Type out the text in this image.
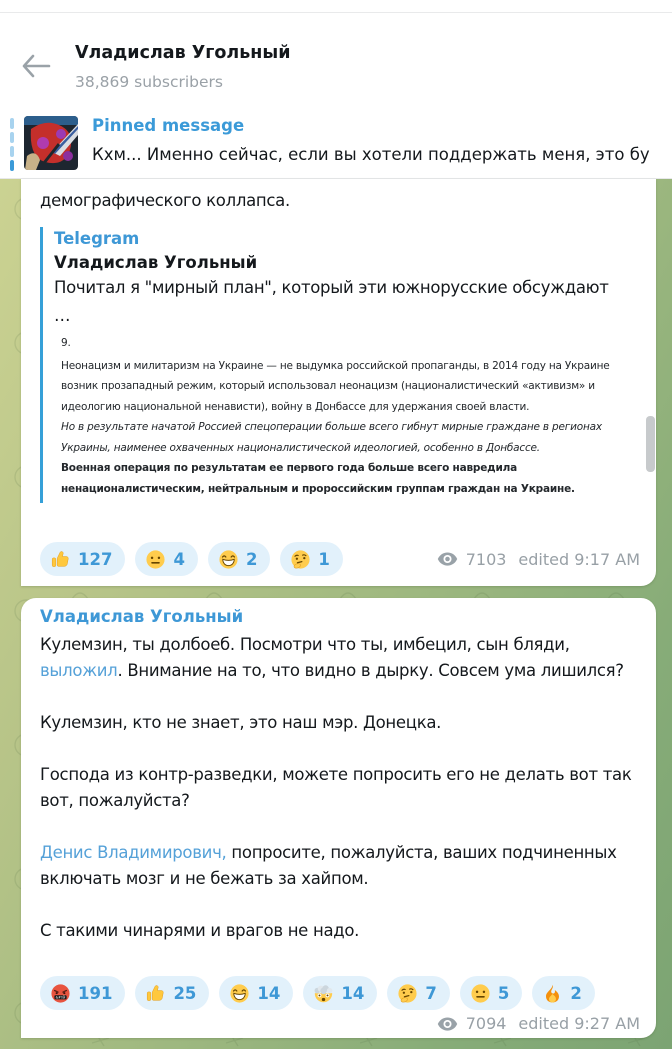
Vладислав Угольный
38,869 subscribers
Pinned message
Кхм... Именно сейчас, если вы хотели поддержать меня, это бу
демографического коллапса.
Telegram
Vладислав Угольный
Почитал я "мирный план", который эти южнорусские обсуждают
…
9.

Неонацизм и милитаризм на Украине — не выдумка российской пропаганды, в 2014 году на Украине возник прозападный режим, который использовал неонацизм (националистический «активизм» и идеологию национальной ненависти), войну в Донбассе для удержания своей власти.

Но в результате начатой Россией спецоперации больше всего гибнут мирные граждане в регионах Украины, наименее охваченных националистической идеологией, особенно в Донбассе.

Военная операция по результатам ее первого года больше всего навредила ненационалистическим, нейтральным и пророссийским группам граждан на Украине.

127	4	2	1	7103 edited 9:17 AM
Vладислав Угольный

Кулемзин, ты долбоеб. Посмотри что ты, имбецил, сын бляди, выложил. Внимание на то, что видно в дырку. Совсем ума лишился?

Кулемзин, кто не знает, это наш мэр. Донецка.

Господа из контр-разведки, можете попросить его не делать вот так вот, пожалуйста?

Денис Владимирович, попросите, пожалуйста, ваших подчиненных включать мозг и не бежать за хайпом.

С такими чинарями и врагов не надо.

&#!@ 191	25	14	14	7	5	2
7094 edited 9:27 AM
